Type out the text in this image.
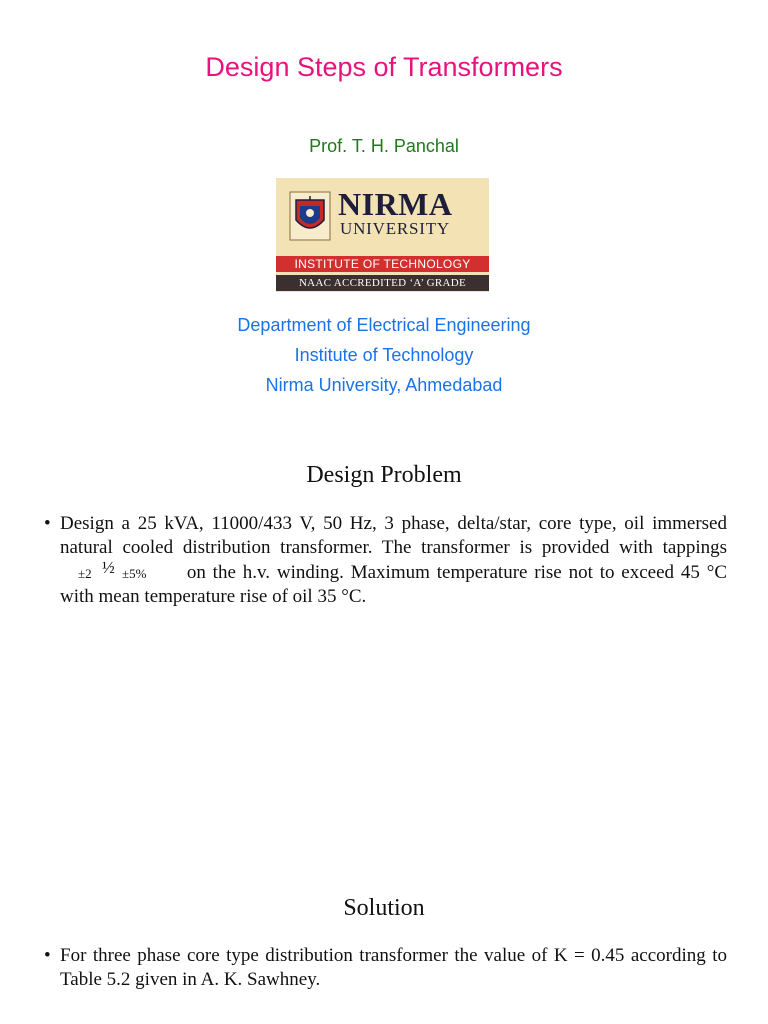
Design Steps of Transformers
Prof. T. H. Panchal
NIRMA
UNIVERSITY
INSTITUTE OF TECHNOLOGY
NAAC ACCREDITED ‘A’ GRADE
Department of Electrical Engineering
Institute of Technology
Nirma University, Ahmedabad
Design Problem
• Design a 25 kVA, 11000/433 V, 50 Hz, 3 phase, delta/star, core type, oil immersed natural cooled distribution transformer. The transformer is provided with tappings
±2 ½ ±5% on the h.v. winding. Maximum temperature rise not to exceed 45 °C with mean temperature rise of oil 35 °C.
Solution
• For three phase core type distribution transformer the value of K = 0.45 according to Table 5.2 given in A. K. Sawhney.
